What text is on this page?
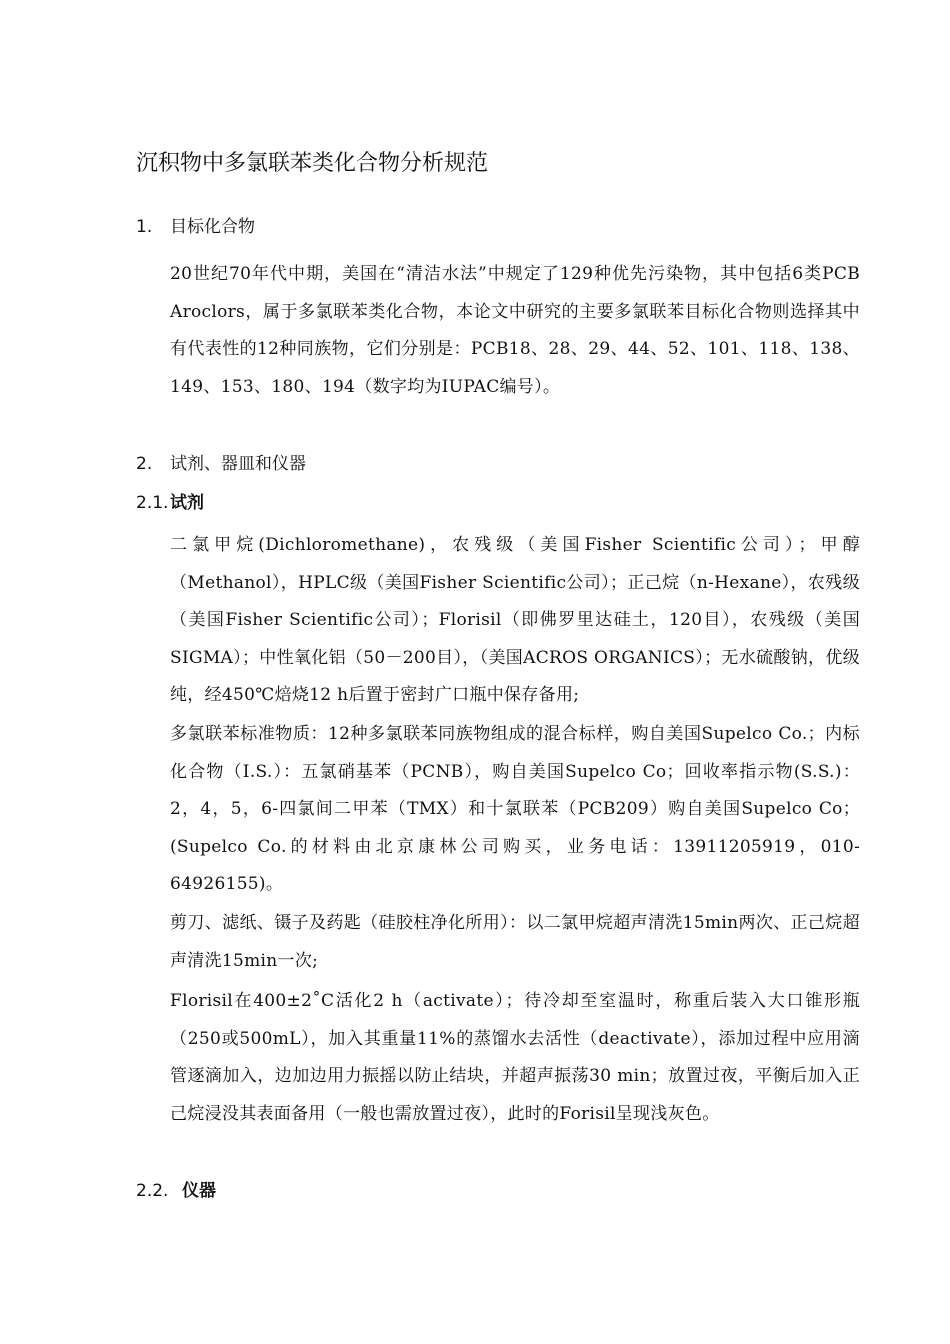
沉积物中多氯联苯类化合物分析规范
1. 目标化合物
20世纪70年代中期，美国在“清洁水法”中规定了129种优先污染物，其中包括6类PCB Aroclors，属于多氯联苯类化合物，本论文中研究的主要多氯联苯目标化合物则选择其中有代表性的12种同族物，它们分别是：PCB18、28、29、44、52、101、118、138、149、153、180、194（数字均为IUPAC编号）。
2. 试剂、器皿和仪器
2.1.试剂
二氯甲烷(Dichloromethane)，农残级（美国Fisher Scientific公司）；甲醇（Methanol），HPLC级（美国Fisher Scientific公司）；正己烷（n-Hexane），农残级（美国Fisher Scientific公司）；Florisil（即佛罗里达硅土，120目），农残级（美国SIGMA）；中性氧化铝（50－200目），（美国ACROS ORGANICS）；无水硫酸钠，优级纯，经450℃焙烧12 h后置于密封广口瓶中保存备用;
多氯联苯标准物质：12种多氯联苯同族物组成的混合标样，购自美国Supelco Co.；内标化合物（I.S.）：五氯硝基苯（PCNB），购自美国Supelco Co；回收率指示物(S.S.)：2，4，5，6-四氯间二甲苯（TMX）和十氯联苯（PCB209）购自美国Supelco Co；(Supelco Co.的材料由北京康林公司购买，业务电话：13911205919，010-64926155)。
剪刀、滤纸、镊子及药匙（硅胶柱净化所用）：以二氯甲烷超声清洗15min两次、正己烷超声清洗15min一次;
Florisil在400±2˚C活化2 h（activate）；待冷却至室温时，称重后装入大口锥形瓶（250或500mL），加入其重量11%的蒸馏水去活性（deactivate），添加过程中应用滴管逐滴加入，边加边用力振摇以防止结块，并超声振荡30 min；放置过夜，平衡后加入正己烷浸没其表面备用（一般也需放置过夜），此时的Forisil呈现浅灰色。
2.2. 仪器
